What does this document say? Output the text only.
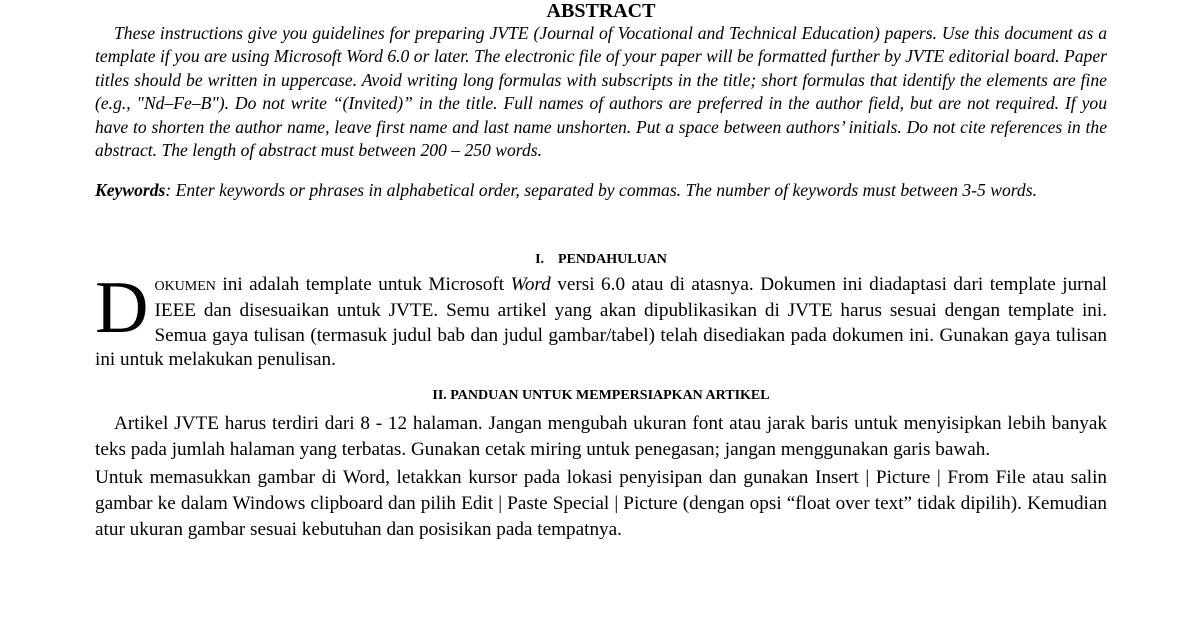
ABSTRACT

These instructions give you guidelines for preparing JVTE (Journal of Vocational and Technical Education) papers. Use this document as a template if you are using Microsoft Word 6.0 or later. The electronic file of your paper will be formatted further by JVTE editorial board. Paper titles should be written in uppercase. Avoid writing long formulas with subscripts in the title; short formulas that identify the elements are fine (e.g., "Nd–Fe–B"). Do not write “(Invited)” in the title. Full names of authors are preferred in the author field, but are not required. If you have to shorten the author name, leave first name and last name unshorten. Put a space between authors’ initials. Do not cite references in the abstract. The length of abstract must between 200 – 250 words.

Keywords: Enter keywords or phrases in alphabetical order, separated by commas. The number of keywords must between 3-5 words.

I. PENDAHULUAN

DOKUMEN ini adalah template untuk Microsoft Word versi 6.0 atau di atasnya. Dokumen ini diadaptasi dari template jurnal IEEE dan disesuaikan untuk JVTE. Semu artikel yang akan dipublikasikan di JVTE harus sesuai dengan template ini. Semua gaya tulisan (termasuk judul bab dan judul gambar/tabel) telah disediakan pada dokumen ini. Gunakan gaya tulisan ini untuk melakukan penulisan.

II. PANDUAN UNTUK MEMPERSIAPKAN ARTIKEL

Artikel JVTE harus terdiri dari 8 - 12 halaman. Jangan mengubah ukuran font atau jarak baris untuk menyisipkan lebih banyak teks pada jumlah halaman yang terbatas. Gunakan cetak miring untuk penegasan; jangan menggunakan garis bawah.

Untuk memasukkan gambar di Word, letakkan kursor pada lokasi penyisipan dan gunakan Insert | Picture | From File atau salin gambar ke dalam Windows clipboard dan pilih Edit | Paste Special | Picture (dengan opsi “float over text” tidak dipilih). Kemudian atur ukuran gambar sesuai kebutuhan dan posisikan pada tempatnya.
